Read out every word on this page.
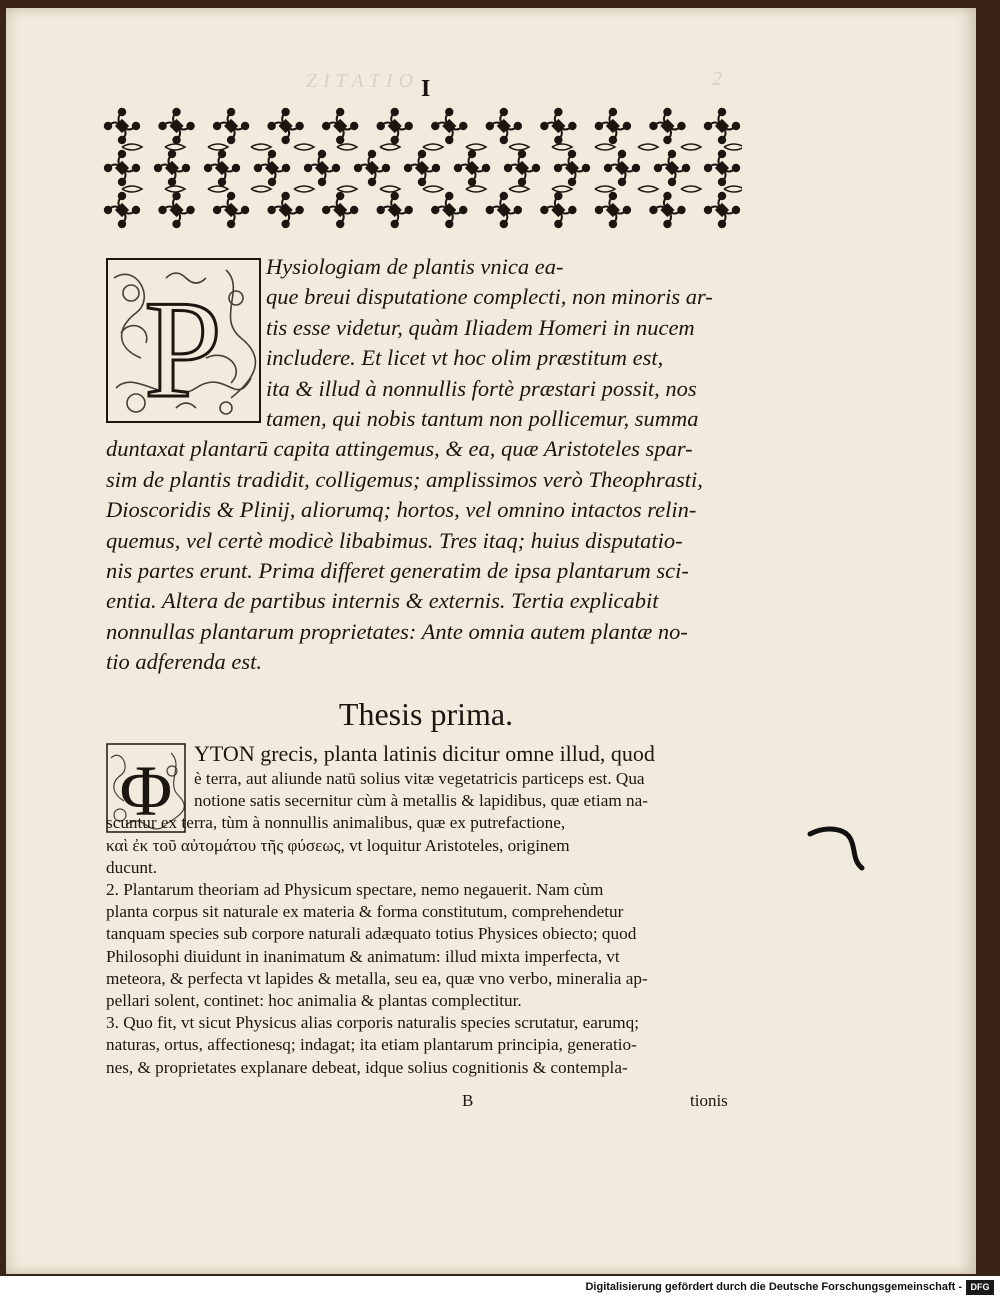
ZITATIO	2
I
P
Hysiologiam de plantis vnica ea-
que breui disputatione complecti, non minoris ar-
tis esse videtur, quàm Iliadem Homeri in nucem
includere. Et licet vt hoc olim præstitum est,
ita & illud à nonnullis fortè præstari possit, nos
tamen, qui nobis tantum non pollicemur, summa
duntaxat plantarū capita attingemus, & ea, quæ Aristoteles spar-
sim de plantis tradidit, colligemus; amplissimos verò Theophrasti,
Dioscoridis & Plinij, aliorumq; hortos, vel omnino intactos relin-
quemus, vel certè modicè libabimus. Tres itaq; huius disputatio-
nis partes erunt. Prima differet generatim de ipsa plantarum sci-
entia. Altera de partibus internis & externis. Tertia explicabit
nonnullas plantarum proprietates: Ante omnia autem plantæ no-
tio adferenda est.
Thesis prima.
Φ ΥΤΟΝ grecis, planta latinis dicitur omne illud, quod
è terra, aut aliunde natū solius vitæ vegetatricis particeps est. Qua
notione satis secernitur cùm à metallis & lapidibus, quæ etiam na-
scuntur ex terra, tùm à nonnullis animalibus, quæ ex putrefactione,
καὶ ἐκ τοῦ αὐτομάτου τῆς φύσεως, vt loquitur Aristoteles, originem
ducunt.
2. Plantarum theoriam ad Physicum spectare, nemo negauerit. Nam cùm
planta corpus sit naturale ex materia & forma constitutum, comprehendetur
tanquam species sub corpore naturali adæquato totius Physices obiecto; quod
Philosophi diuidunt in inanimatum & animatum: illud mixta imperfecta, vt
meteora, & perfecta vt lapides & metalla, seu ea, quæ vno verbo, mineralia ap-
pellari solent, continet: hoc animalia & plantas complectitur.
3. Quo fit, vt sicut Physicus alias corporis naturalis species scrutatur, earumq;
naturas, ortus, affectionesq; indagat; ita etiam plantarum principia, generatio-
nes, & proprietates explanare debeat, idque solius cognitionis & contempla-
B	tionis
Digitalisierung gefördert durch die Deutsche Forschungsgemeinschaft - DFG
